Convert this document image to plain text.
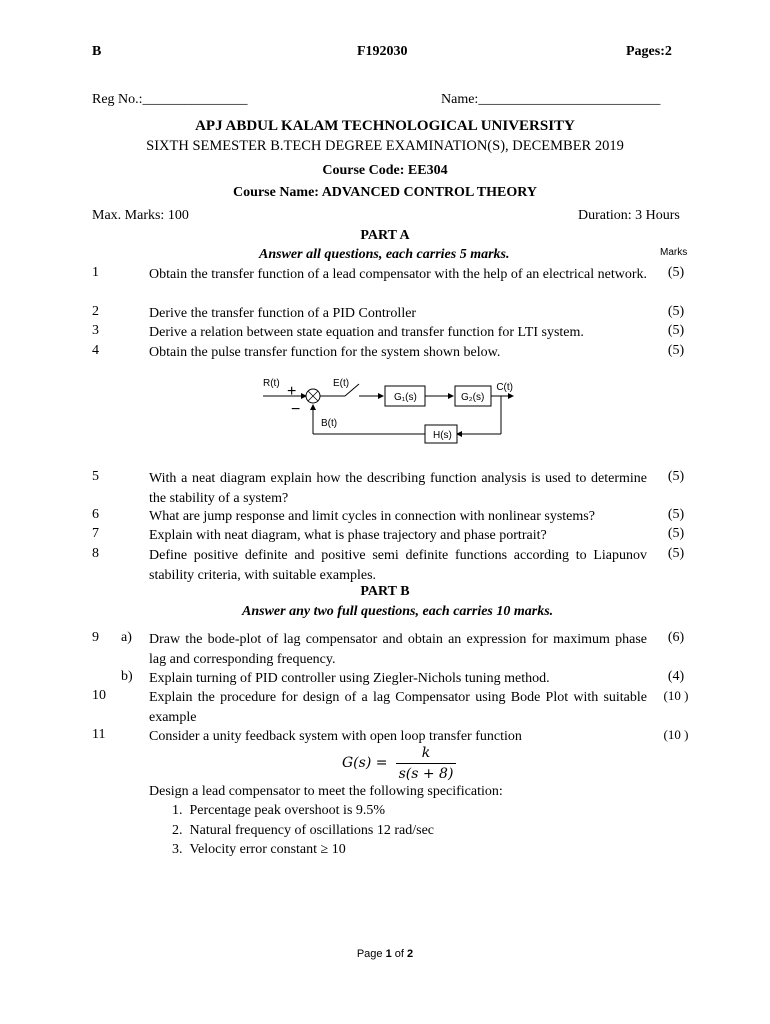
B	F192030	Pages:2
Reg No.:_______________	Name:__________________________
APJ ABDUL KALAM TECHNOLOGICAL UNIVERSITY
SIXTH SEMESTER B.TECH DEGREE EXAMINATION(S), DECEMBER 2019
Course Code: EE304
Course Name: ADVANCED CONTROL THEORY
Max. Marks: 100	Duration: 3 Hours
PART A
Answer all questions, each carries 5 marks.	Marks
1	Obtain the transfer function of a lead compensator with the help of an electrical network.	(5)
2	Derive the transfer function of a PID Controller	(5)
3	Derive a relation between state equation and transfer function for LTI system.	(5)
4	Obtain the pulse transfer function for the system shown below.	(5)
R(t) +
−
E(t)
G₁(s)	G₂(s)
C(t)
B(t)
H(s)
5	With a neat diagram explain how the describing function analysis is used to determine the stability of a system?
(5)
6	What are jump response and limit cycles in connection with nonlinear systems?	(5)
7	Explain with neat diagram, what is phase trajectory and phase portrait?	(5)
8	Define positive definite and positive semi definite functions according to Liapunov stability criteria, with suitable examples.
(5)
PART B
Answer any two full questions, each carries 10 marks.
9	a) Draw the bode-plot of lag compensator and obtain an expression for maximum phase lag and corresponding frequency.
(6)
b) Explain turning of PID controller using Ziegler-Nichols tuning method.	(4)
10	Explain the procedure for design of a lag Compensator using Bode Plot with suitable example
(10 )
11	Consider a unity feedback system with open loop transfer function	(10 )
G(s) =
k
s(s + 8)
Design a lead compensator to meet the following specification:
1.  Percentage peak overshoot is 9.5%
2.  Natural frequency of oscillations 12 rad/sec
3.  Velocity error constant ≥ 10
Page 1 of 2
